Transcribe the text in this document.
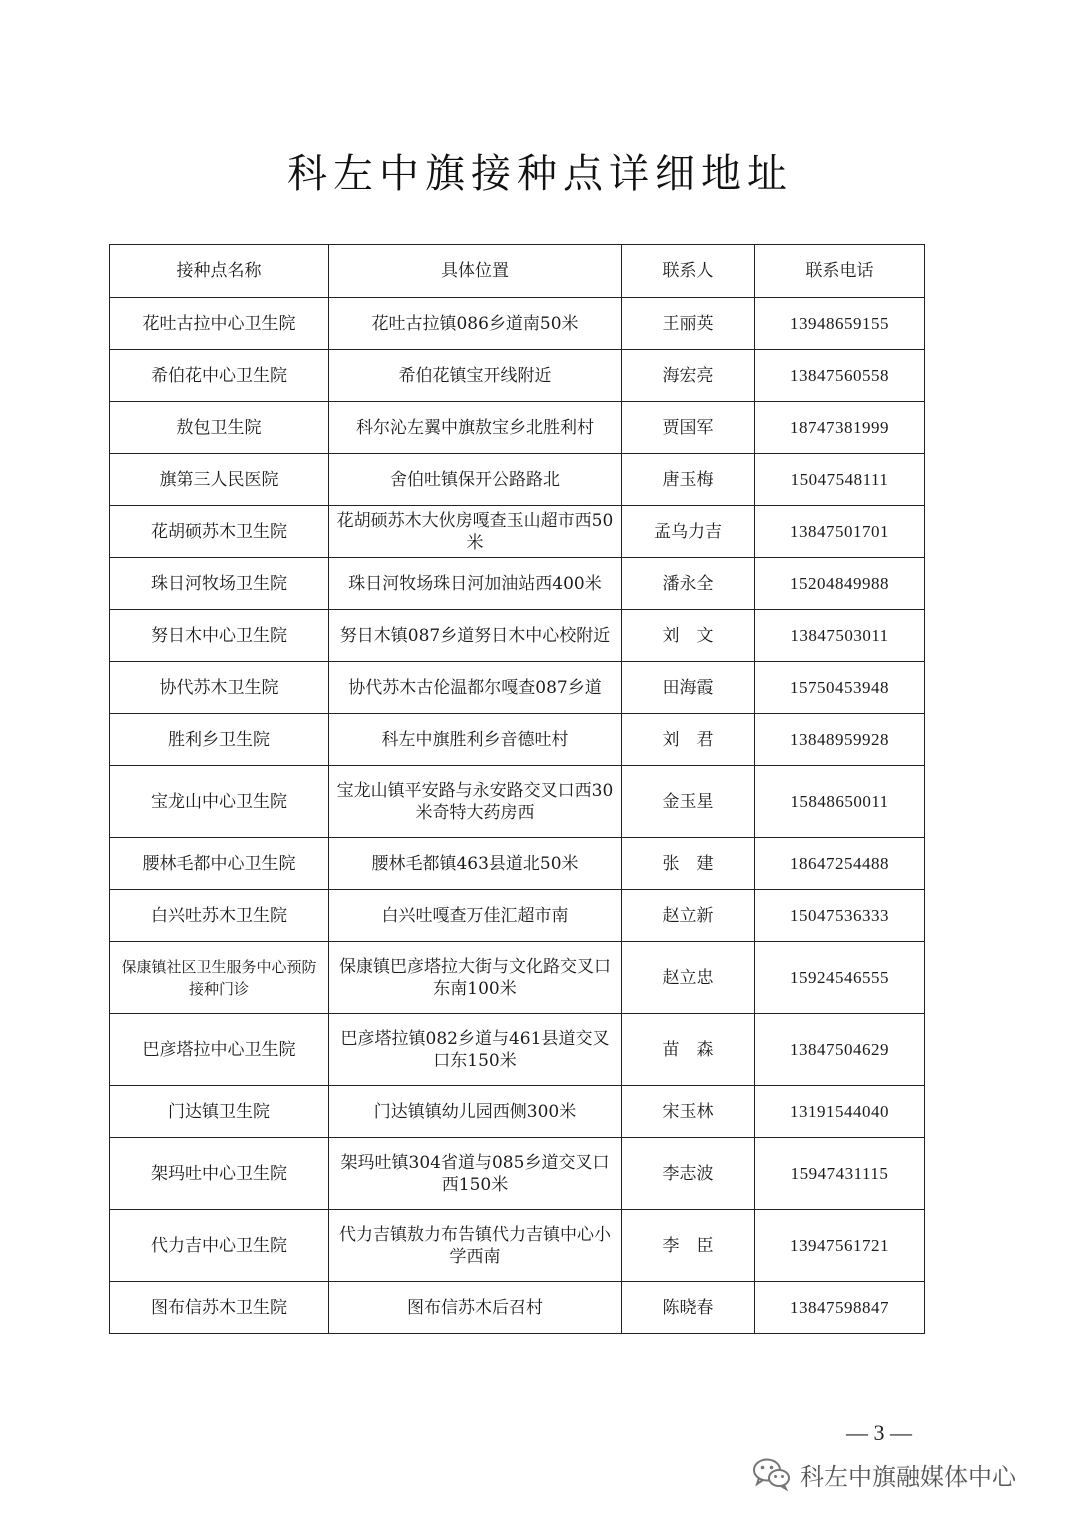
科左中旗接种点详细地址
接种点名称	具体位置	联系人	联系电话
花吐古拉中心卫生院	花吐古拉镇086乡道南50米	王丽英	13948659155
希伯花中心卫生院	希伯花镇宝开线附近	海宏亮	13847560558
敖包卫生院	科尔沁左翼中旗敖宝乡北胜利村	贾国军	18747381999
旗第三人民医院	舍伯吐镇保开公路路北	唐玉梅	15047548111
花胡硕苏木卫生院	花胡硕苏木大伙房嘎查玉山超市西50米	孟乌力吉	13847501701
珠日河牧场卫生院	珠日河牧场珠日河加油站西400米	潘永全	15204849988
努日木中心卫生院	努日木镇087乡道努日木中心校附近	刘　文	13847503011
协代苏木卫生院	协代苏木古伦温都尔嘎查087乡道	田海霞	15750453948
胜利乡卫生院	科左中旗胜利乡音德吐村	刘　君	13848959928
宝龙山中心卫生院	宝龙山镇平安路与永安路交叉口西30米奇特大药房西	金玉星	15848650011
腰林毛都中心卫生院	腰林毛都镇463县道北50米	张　建	18647254488
白兴吐苏木卫生院	白兴吐嘎查万佳汇超市南	赵立新	15047536333
保康镇社区卫生服务中心预防接种门诊	保康镇巴彦塔拉大街与文化路交叉口东南100米	赵立忠	15924546555
巴彦塔拉中心卫生院	巴彦塔拉镇082乡道与461县道交叉口东150米	苗　森	13847504629
门达镇卫生院	门达镇镇幼儿园西侧300米	宋玉林	13191544040
架玛吐中心卫生院	架玛吐镇304省道与085乡道交叉口西150米	李志波	15947431115
代力吉中心卫生院	代力吉镇敖力布告镇代力吉镇中心小学西南	李　臣	13947561721
图布信苏木卫生院	图布信苏木后召村	陈晓春	13847598847
— 3 —
科左中旗融媒体中心
